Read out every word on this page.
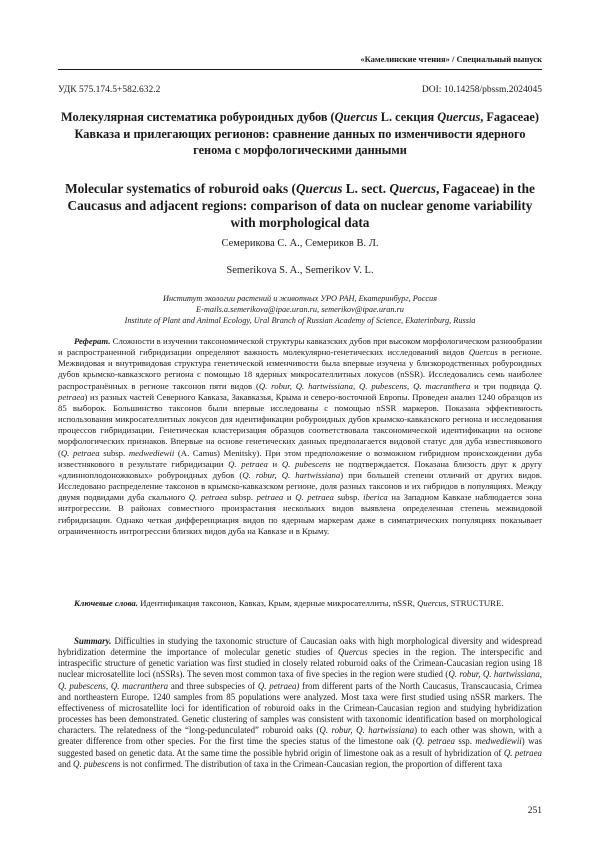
«Камелинские чтения» / Специальный выпуск
УДК 575.174.5+582.632.2	DOI: 10.14258/pbssm.2024045
Молекулярная систематика робуроидных дубов (Quercus L. секция Quercus, Fagaceae) Кавказа и прилегающих регионов: сравнение данных по изменчивости ядерного генома с морфологическими данными
Molecular systematics of roburoid oaks (Quercus L. sect. Quercus, Fagaceae) in the Caucasus and adjacent regions: comparison of data on nuclear genome variability with morphological data
Семерикова С. А., Семериков В. Л.
Semerikova S. A., Semerikov V. L.
Институт экологии растений и животных УРО РАН, Екатеринбург, Россия
E-mails.a.semerikova@ipae.uran.ru, semerikov@ipae.uran.ru
Institute of Plant and Animal Ecology, Ural Branch of Russian Academy of Science, Ekaterinburg, Russia
Реферат. Сложности в изучении таксономической структуры кавказских дубов при высоком морфологическом разнообразии и распространенной гибридизации определяют важность молекулярно-генетических исследований видов Quercus в регионе. Межвидовая и внутривидовая структура генетической изменчивости была впервые изучена у близкородственных робуроидных дубов крымско-кавказского региона с помощью 18 ядерных микросателлитных локусов (nSSR). Исследовались семь наиболее распространённых в регионе таксонов пяти видов (Q. robur, Q. hartwissiana, Q. pubescens, Q. macranthera и три подвида Q. petraea) из разных частей Северного Кавказа, Закавказья, Крыма и северо-восточной Европы. Проведен анализ 1240 образцов из 85 выборок. Большинство таксонов были впервые исследованы с помощью nSSR маркеров. Показана эффективность использования микросателлитных локусов для идентификации робуроидных дубов крымско-кавказского региона и исследования процессов гибридизации. Генетическая кластеризация образцов соответствовала таксономической идентификации на основе морфологических признаков. Впервые на основе генетических данных предполагается видовой статус для дуба известнякового (Q. petraea subsp. medwediewii (A. Camus) Menitsky). При этом предположение о возможном гибридном происхождении дуба известнякового в результате гибридизации Q. petraea и Q. pubescens не подтверждается. Показана близость друг к другу «длинноплодоножковых» робуроидных дубов (Q. robur, Q. hartwissiana) при большей степени отличий от других видов. Исследовано распределение таксонов в крымско-кавказском регионе, доля разных таксонов и их гибридов в популяциях. Между двумя подвидами дуба скального Q. petraea subsp. petraea и Q. petraea subsp. iberica на Западном Кавказе наблюдается зона интрогрессии. В районах совместного произрастания нескольких видов выявлена определенная степень межвидовой гибридизации. Однако четкая дифференциация видов по ядерным маркерам даже в симпатрических популяциях показывает ограниченность интрогрессии близких видов дуба на Кавказе и в Крыму.
Ключевые слова. Идентификация таксонов, Кавказ, Крым, ядерные микросателлиты, nSSR, Quercus, STRUCTURE.
Summary. Difficulties in studying the taxonomic structure of Caucasian oaks with high morphological diversity and widespread hybridization determine the importance of molecular genetic studies of Quercus species in the region. The interspecific and intraspecific structure of genetic variation was first studied in closely related roburoid oaks of the Crimean-Caucasian region using 18 nuclear microsatellite loci (nSSRs). The seven most common taxa of five species in the region were studied (Q. robur, Q. hartwissiana, Q. pubescens, Q. macranthera and three subspecies of Q. petraea) from different parts of the North Caucasus, Transcaucasia, Crimea and northeastern Europe. 1240 samples from 85 populations were analyzed. Most taxa were first studied using nSSR markers. The effectiveness of microsatellite loci for identification of roburoid oaks in the Crimean-Caucasian region and studying hybridization processes has been demonstrated. Genetic clustering of samples was consistent with taxonomic identification based on morphological characters. The relatedness of the “long-pedunculated” roburoid oaks (Q. robur, Q. hartwissiana) to each other was shown, with a greater difference from other species. For the first time the species status of the limestone oak (Q. petraea ssp. medwediewii) was suggested based on genetic data. At the same time the possible hybrid origin of limestone oak as a result of hybridization of Q. petraea and Q. pubescens is not confirmed. The distribution of taxa in the Crimean-Caucasian region, the proportion of different taxa
251
